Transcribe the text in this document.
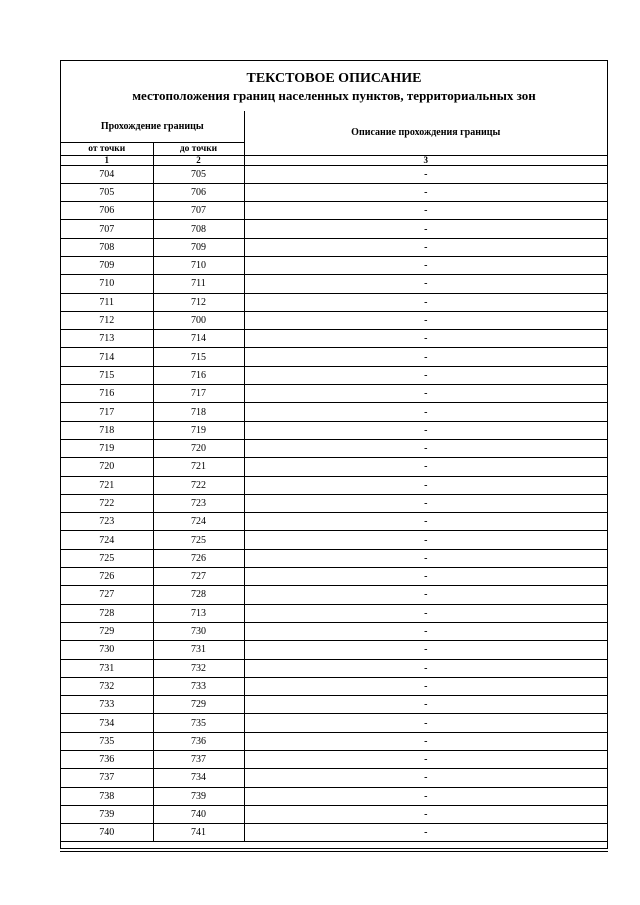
ТЕКСТОВОЕ ОПИСАНИЕ
местоположения границ населенных пунктов, территориальных зон
Прохождение границы		Описание прохождения границы
от точки	до точки	
1	2	3
704	705	-
705	706	-
706	707	-
707	708	-
708	709	-
709	710	-
710	711	-
711	712	-
712	700	-
713	714	-
714	715	-
715	716	-
716	717	-
717	718	-
718	719	-
719	720	-
720	721	-
721	722	-
722	723	-
723	724	-
724	725	-
725	726	-
726	727	-
727	728	-
728	713	-
729	730	-
730	731	-
731	732	-
732	733	-
733	729	-
734	735	-
735	736	-
736	737	-
737	734	-
738	739	-
739	740	-
740	741	-
